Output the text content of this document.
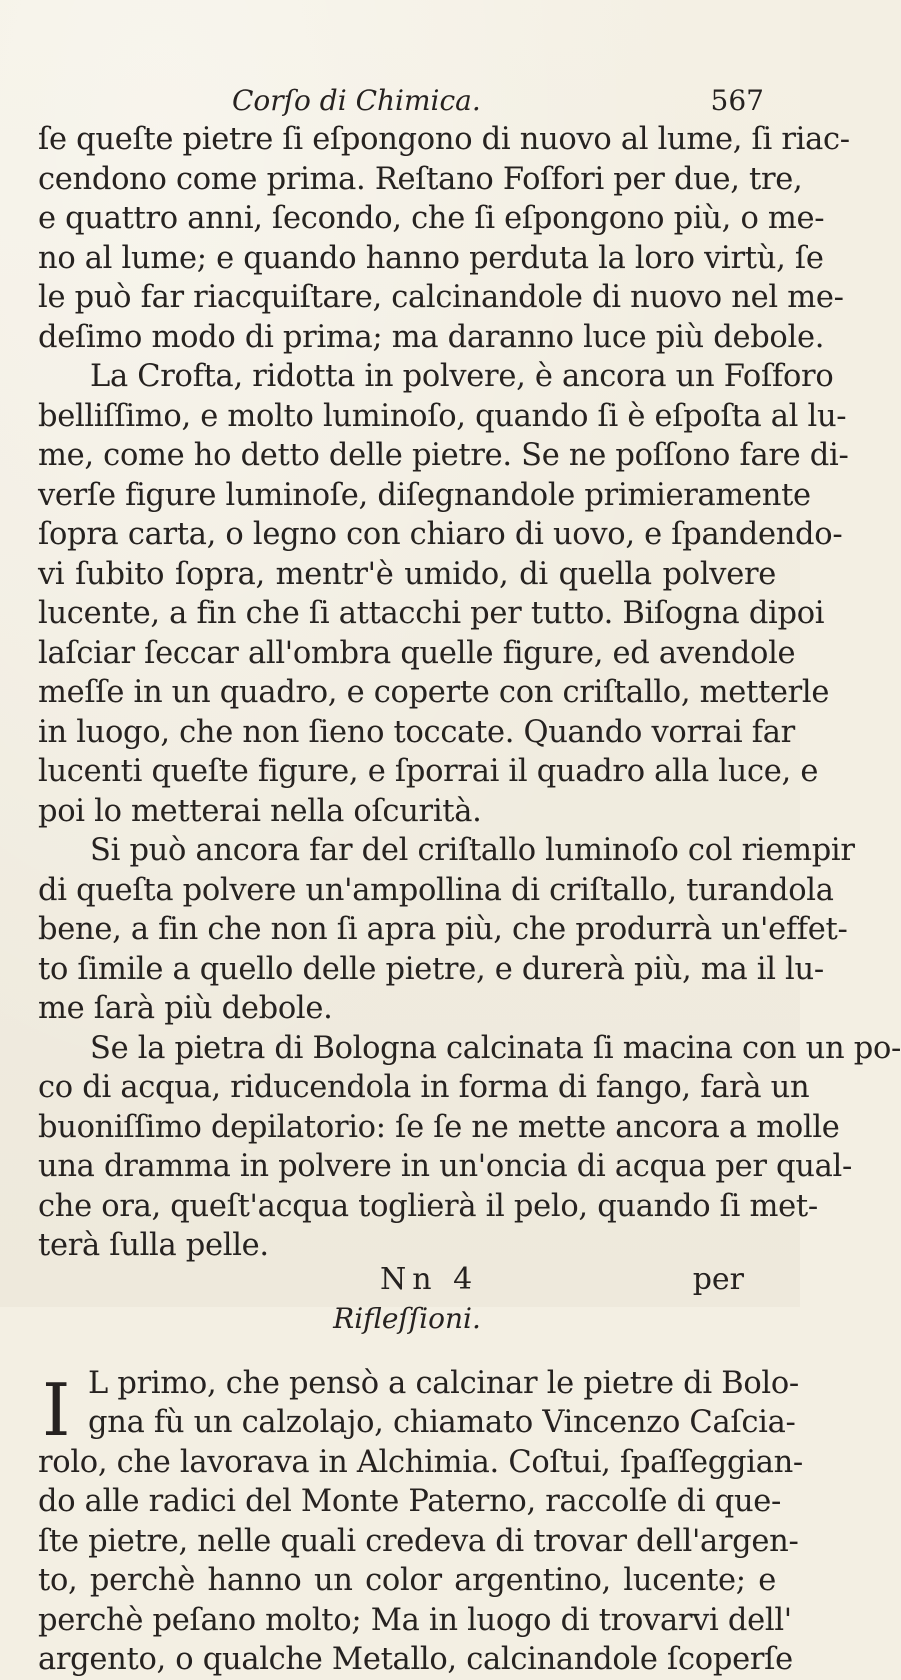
Corſo di Chimica.	567
ſe queſte pietre ſi eſpongono di nuovo al lume, ſi riac-
cendono come prima. Reſtano Foſfori per due, tre,
e quattro anni, ſecondo, che ſi eſpongono più, o me-
no al lume; e quando hanno perduta la loro virtù, ſe
le può far riacquiſtare, calcinandole di nuovo nel me-
deſimo modo di prima; ma daranno luce più debole.
La Crofta, ridotta in polvere, è ancora un Foſforo
belliſſimo, e molto luminoſo, quando ſi è eſpoſta al lu-
me, come ho detto delle pietre. Se ne poſſono fare di-
verſe figure luminoſe, diſegnandole primieramente
ſopra carta, o legno con chiaro di uovo, e ſpandendo-
vi ſubito ſopra, mentr'è umido, di quella polvere
lucente, a fin che ſi attacchi per tutto. Biſogna dipoi
laſciar ſeccar all'ombra quelle figure, ed avendole
meſſe in un quadro, e coperte con criſtallo, metterle
in luogo, che non ſieno toccate. Quando vorrai far
lucenti queſte figure, e ſporrai il quadro alla luce, e
poi lo metterai nella oſcurità.
Si può ancora far del criſtallo luminoſo col riempir
di queſta polvere un'ampollina di criſtallo, turandola
bene, a fin che non ſi apra più, che produrrà un'effet-
to ſimile a quello delle pietre, e durerà più, ma il lu-
me ſarà più debole.
Se la pietra di Bologna calcinata ſi macina con un po-
co di acqua, riducendola in forma di fango, farà un
buoniſſimo depilatorio: ſe ſe ne mette ancora a molle
una dramma in polvere in un'oncia di acqua per qual-
che ora, queſt'acqua toglierà il pelo, quando ſi met-
terà ſulla pelle.
Rifleſſioni.
I L primo, che pensò a calcinar le pietre di Bolo-
gna fù un calzolajo, chiamato Vincenzo Caſcia-
rolo, che lavorava in Alchimia. Coſtui, ſpaſſeggian-
do alle radici del Monte Paterno, raccolſe di que-
ſte pietre, nelle quali credeva di trovar dell'argen-
to, perchè hanno un color argentino, lucente; e
perchè peſano molto; Ma in luogo di trovarvi dell'
argento, o qualche Metallo, calcinandole ſcoperſe
Nn 4	per
